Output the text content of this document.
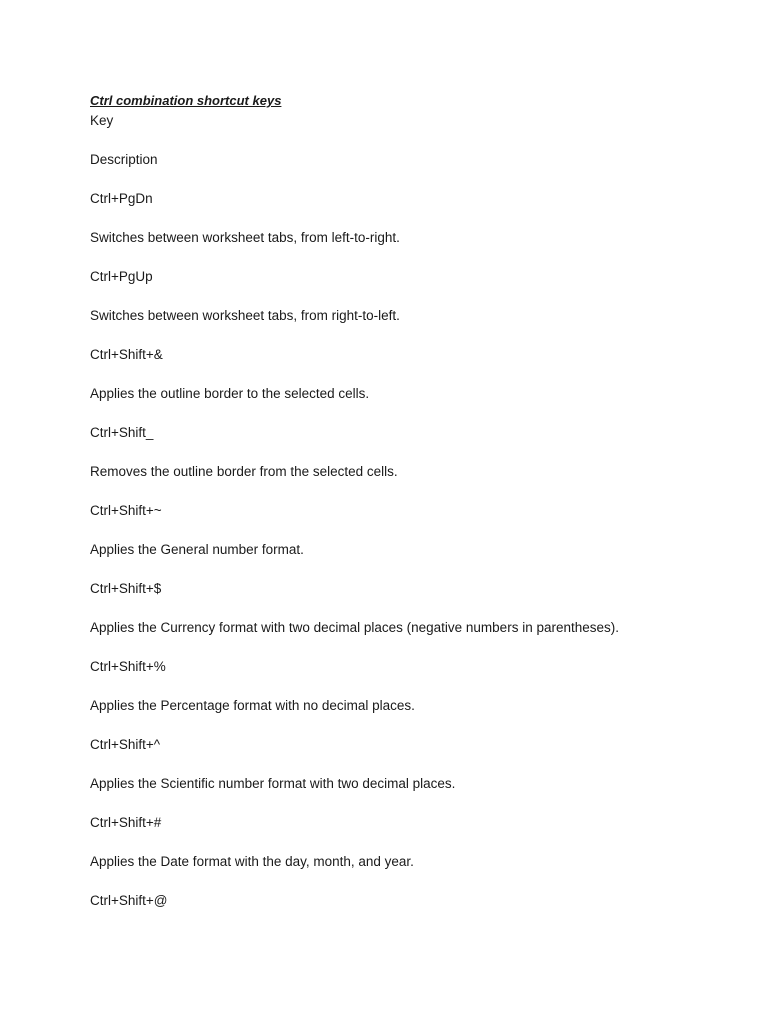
Ctrl combination shortcut keys

Key

Description

Ctrl+PgDn

Switches between worksheet tabs, from left-to-right.

Ctrl+PgUp

Switches between worksheet tabs, from right-to-left.

Ctrl+Shift+&

Applies the outline border to the selected cells.

Ctrl+Shift_

Removes the outline border from the selected cells.

Ctrl+Shift+~

Applies the General number format.

Ctrl+Shift+$

Applies the Currency format with two decimal places (negative numbers in parentheses).

Ctrl+Shift+%

Applies the Percentage format with no decimal places.

Ctrl+Shift+^

Applies the Scientific number format with two decimal places.

Ctrl+Shift+#

Applies the Date format with the day, month, and year.

Ctrl+Shift+@
